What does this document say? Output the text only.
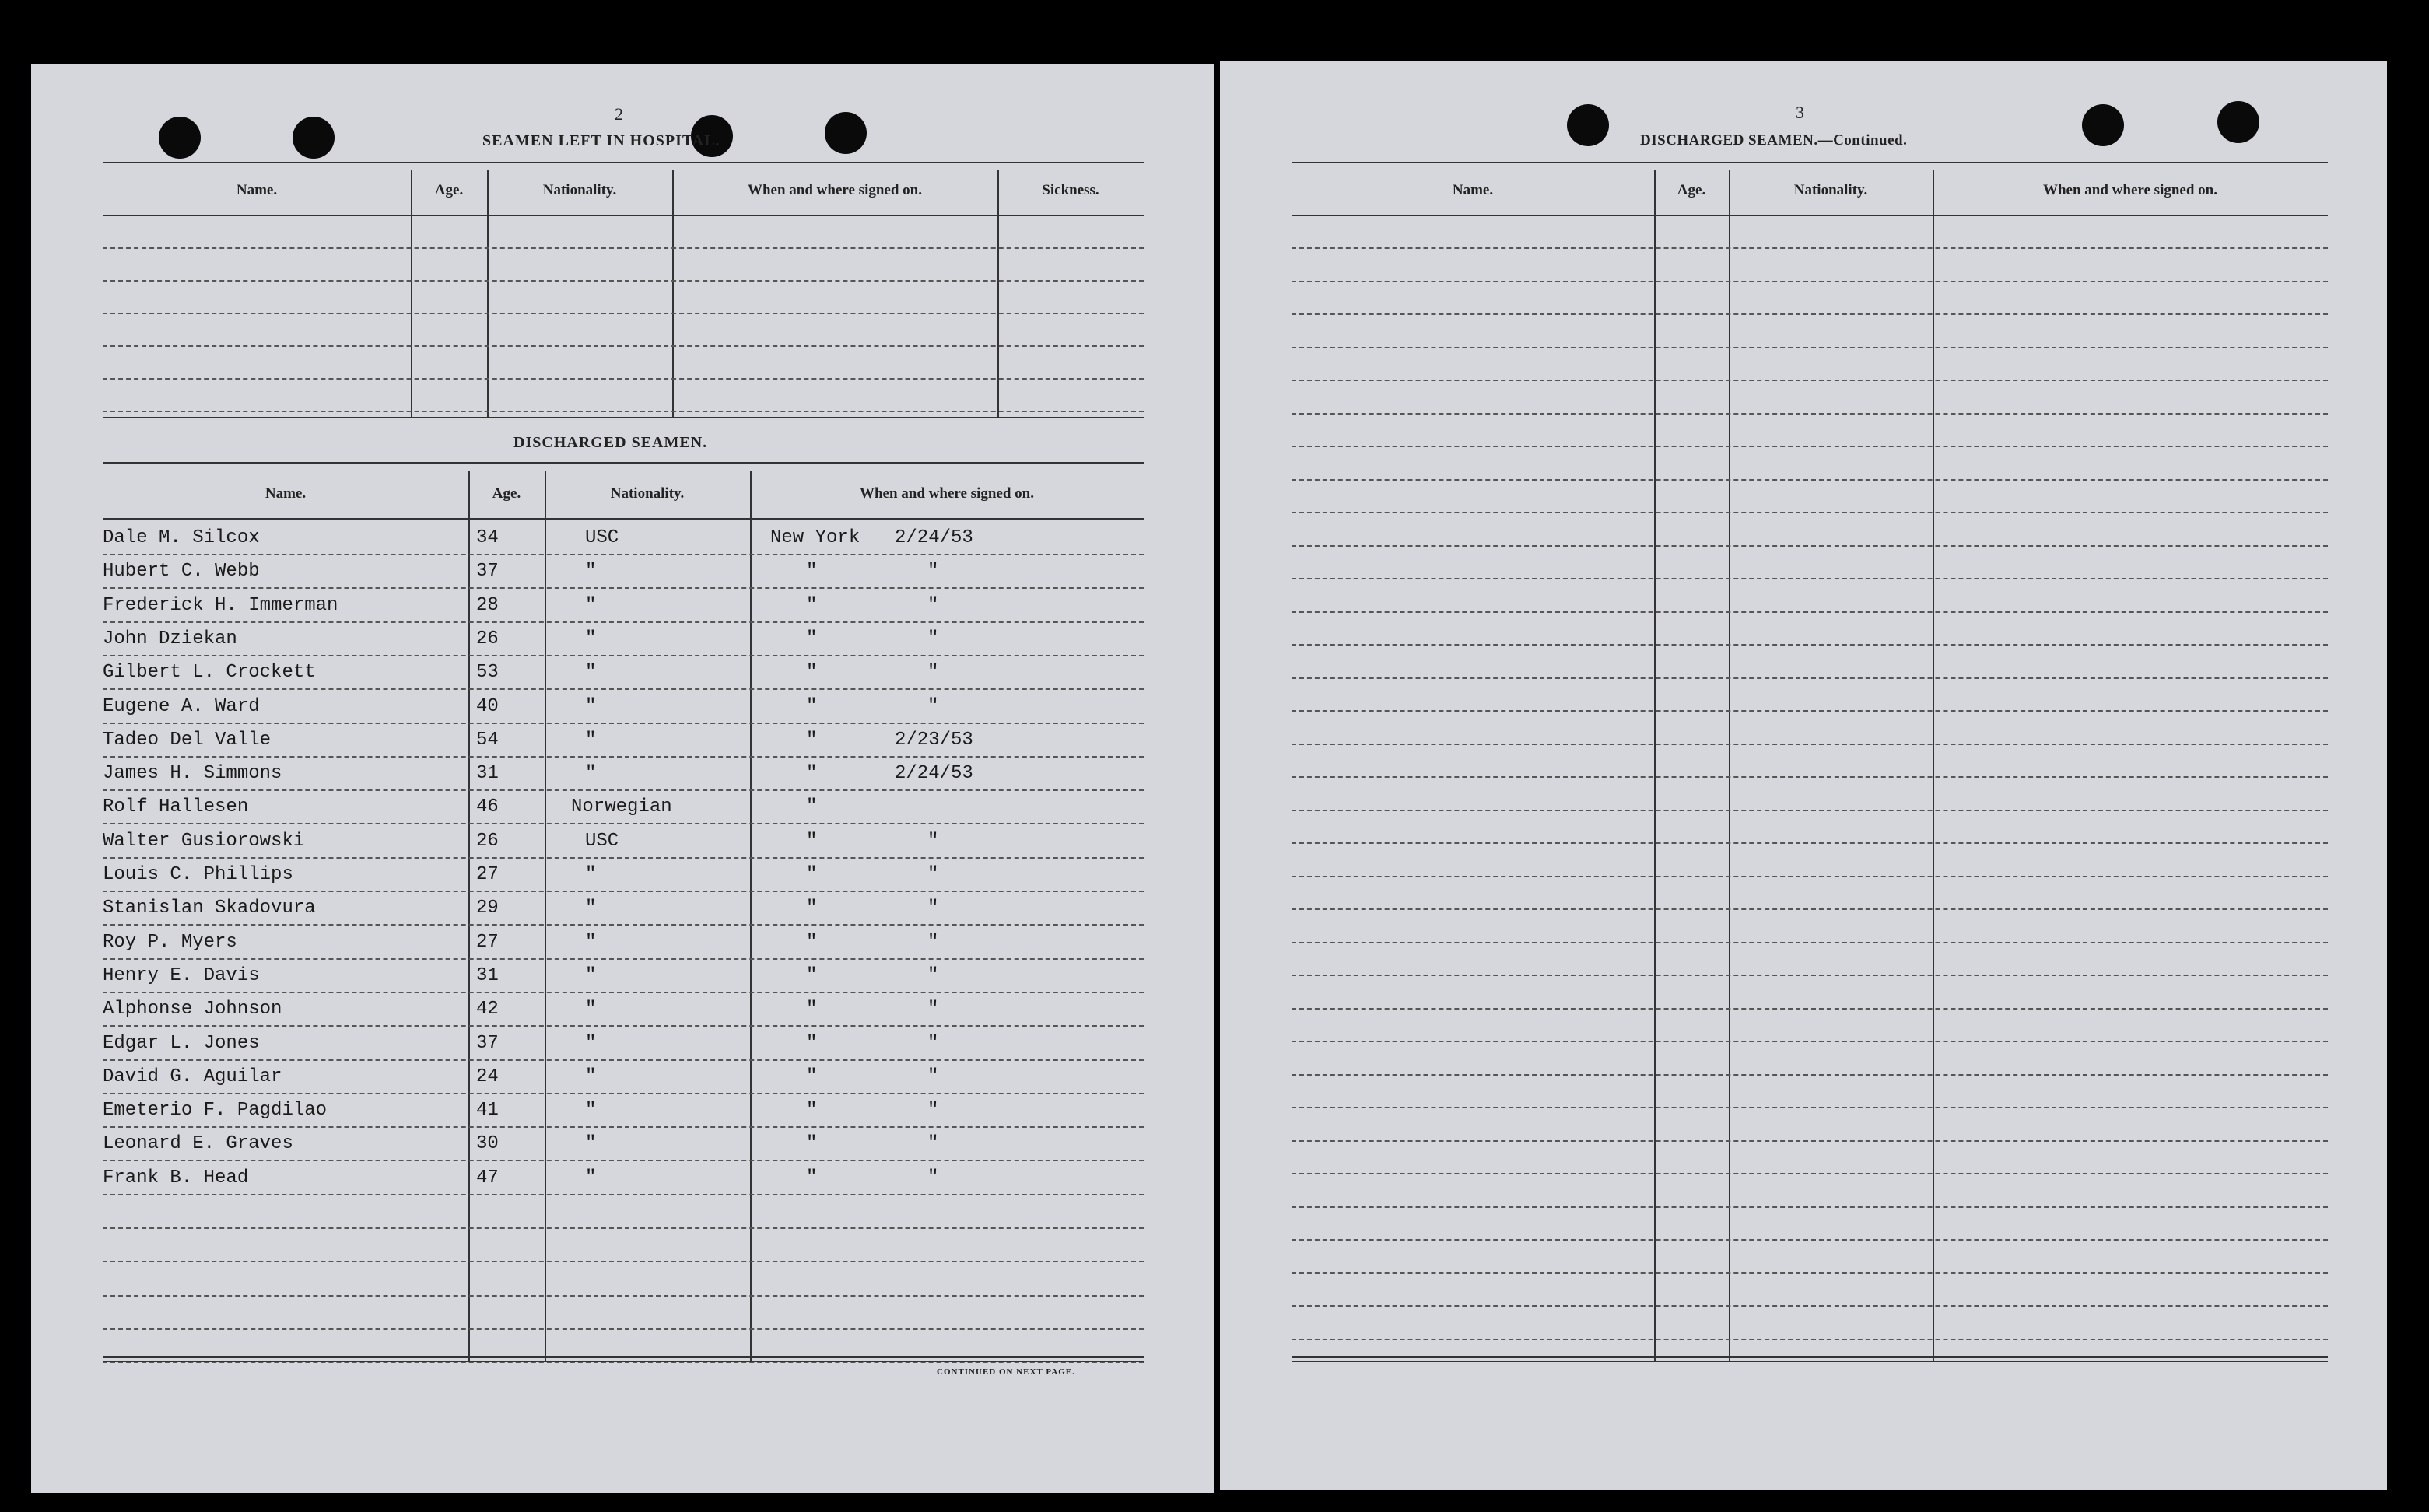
2
SEAMEN LEFT IN HOSPITAL.
DISCHARGED SEAMEN.
CONTINUED ON NEXT PAGE.
Name.	Age.	Nationality.	When and where signed on.	Sickness.
Name.	Age.	Nationality.	When and where signed on.
Dale M. Silcox	34	USC	New York 2/24/53
Hubert C. Webb	37	"	"	"
Frederick H. Immerman	28	"	"	"
John Dziekan	26	"	"	"
Gilbert L. Crockett	53	"	"	"
Eugene A. Ward	40	"	"	"
Tadeo Del Valle	54	"	"	2/23/53
James H. Simmons	31	"	"	2/24/53
Rolf Hallesen	46	Norwegian	"
Walter Gusiorowski	26	USC	"	"
Louis C. Phillips	27	"	"	"
Stanislan Skadovura	29	"	"	"
Roy P. Myers	27	"	"	"
Henry E. Davis	31	"	"	"
Alphonse Johnson	42	"	"	"
Edgar L. Jones	37	"	"	"
David G. Aguilar	24	"	"	"
Emeterio F. Pagdilao	41	"	"	"
Leonard E. Graves	30	"	"	"
Frank B. Head	47	"	"	"
3
DISCHARGED SEAMEN.—Continued.
Name.	Age.	Nationality.	When and where signed on.
